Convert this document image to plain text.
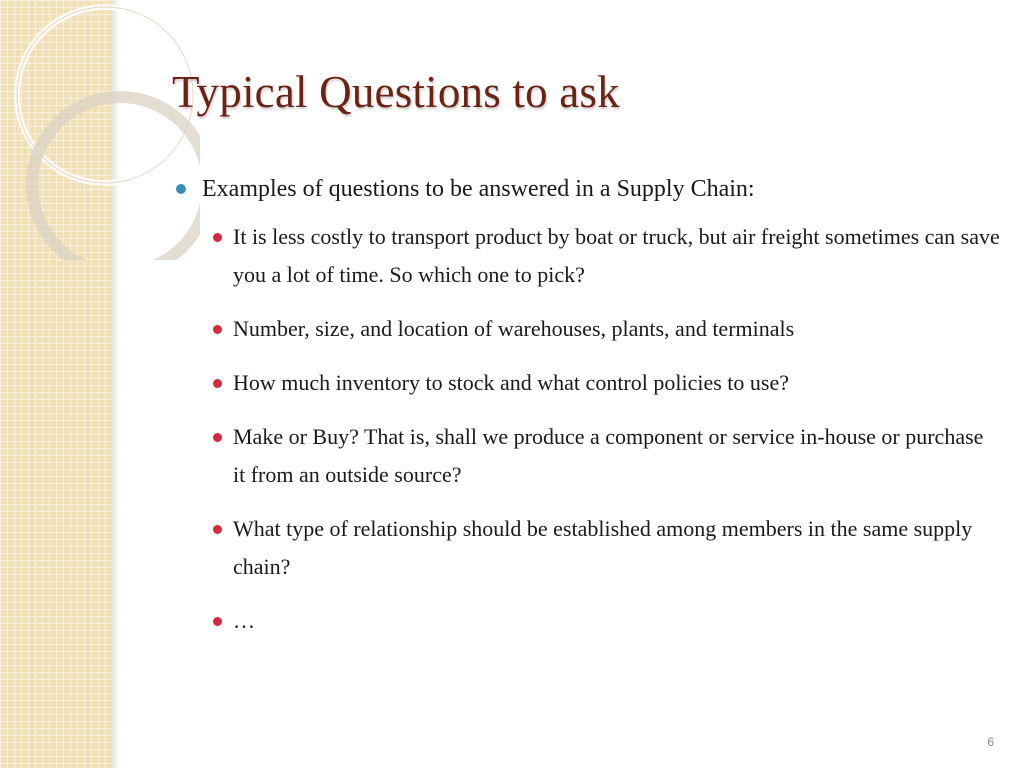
Typical Questions to ask
Examples of questions to be answered in a Supply Chain:
It is less costly to transport product by boat or truck, but air freight sometimes can save you a lot of time. So which one to pick?
Number, size, and location of warehouses, plants, and terminals
How much inventory to stock and what control policies to use?
Make or Buy? That is, shall we produce a component or service in-house or purchase it from an outside source?
What type of relationship should be established among members in the same supply chain?
…
6
